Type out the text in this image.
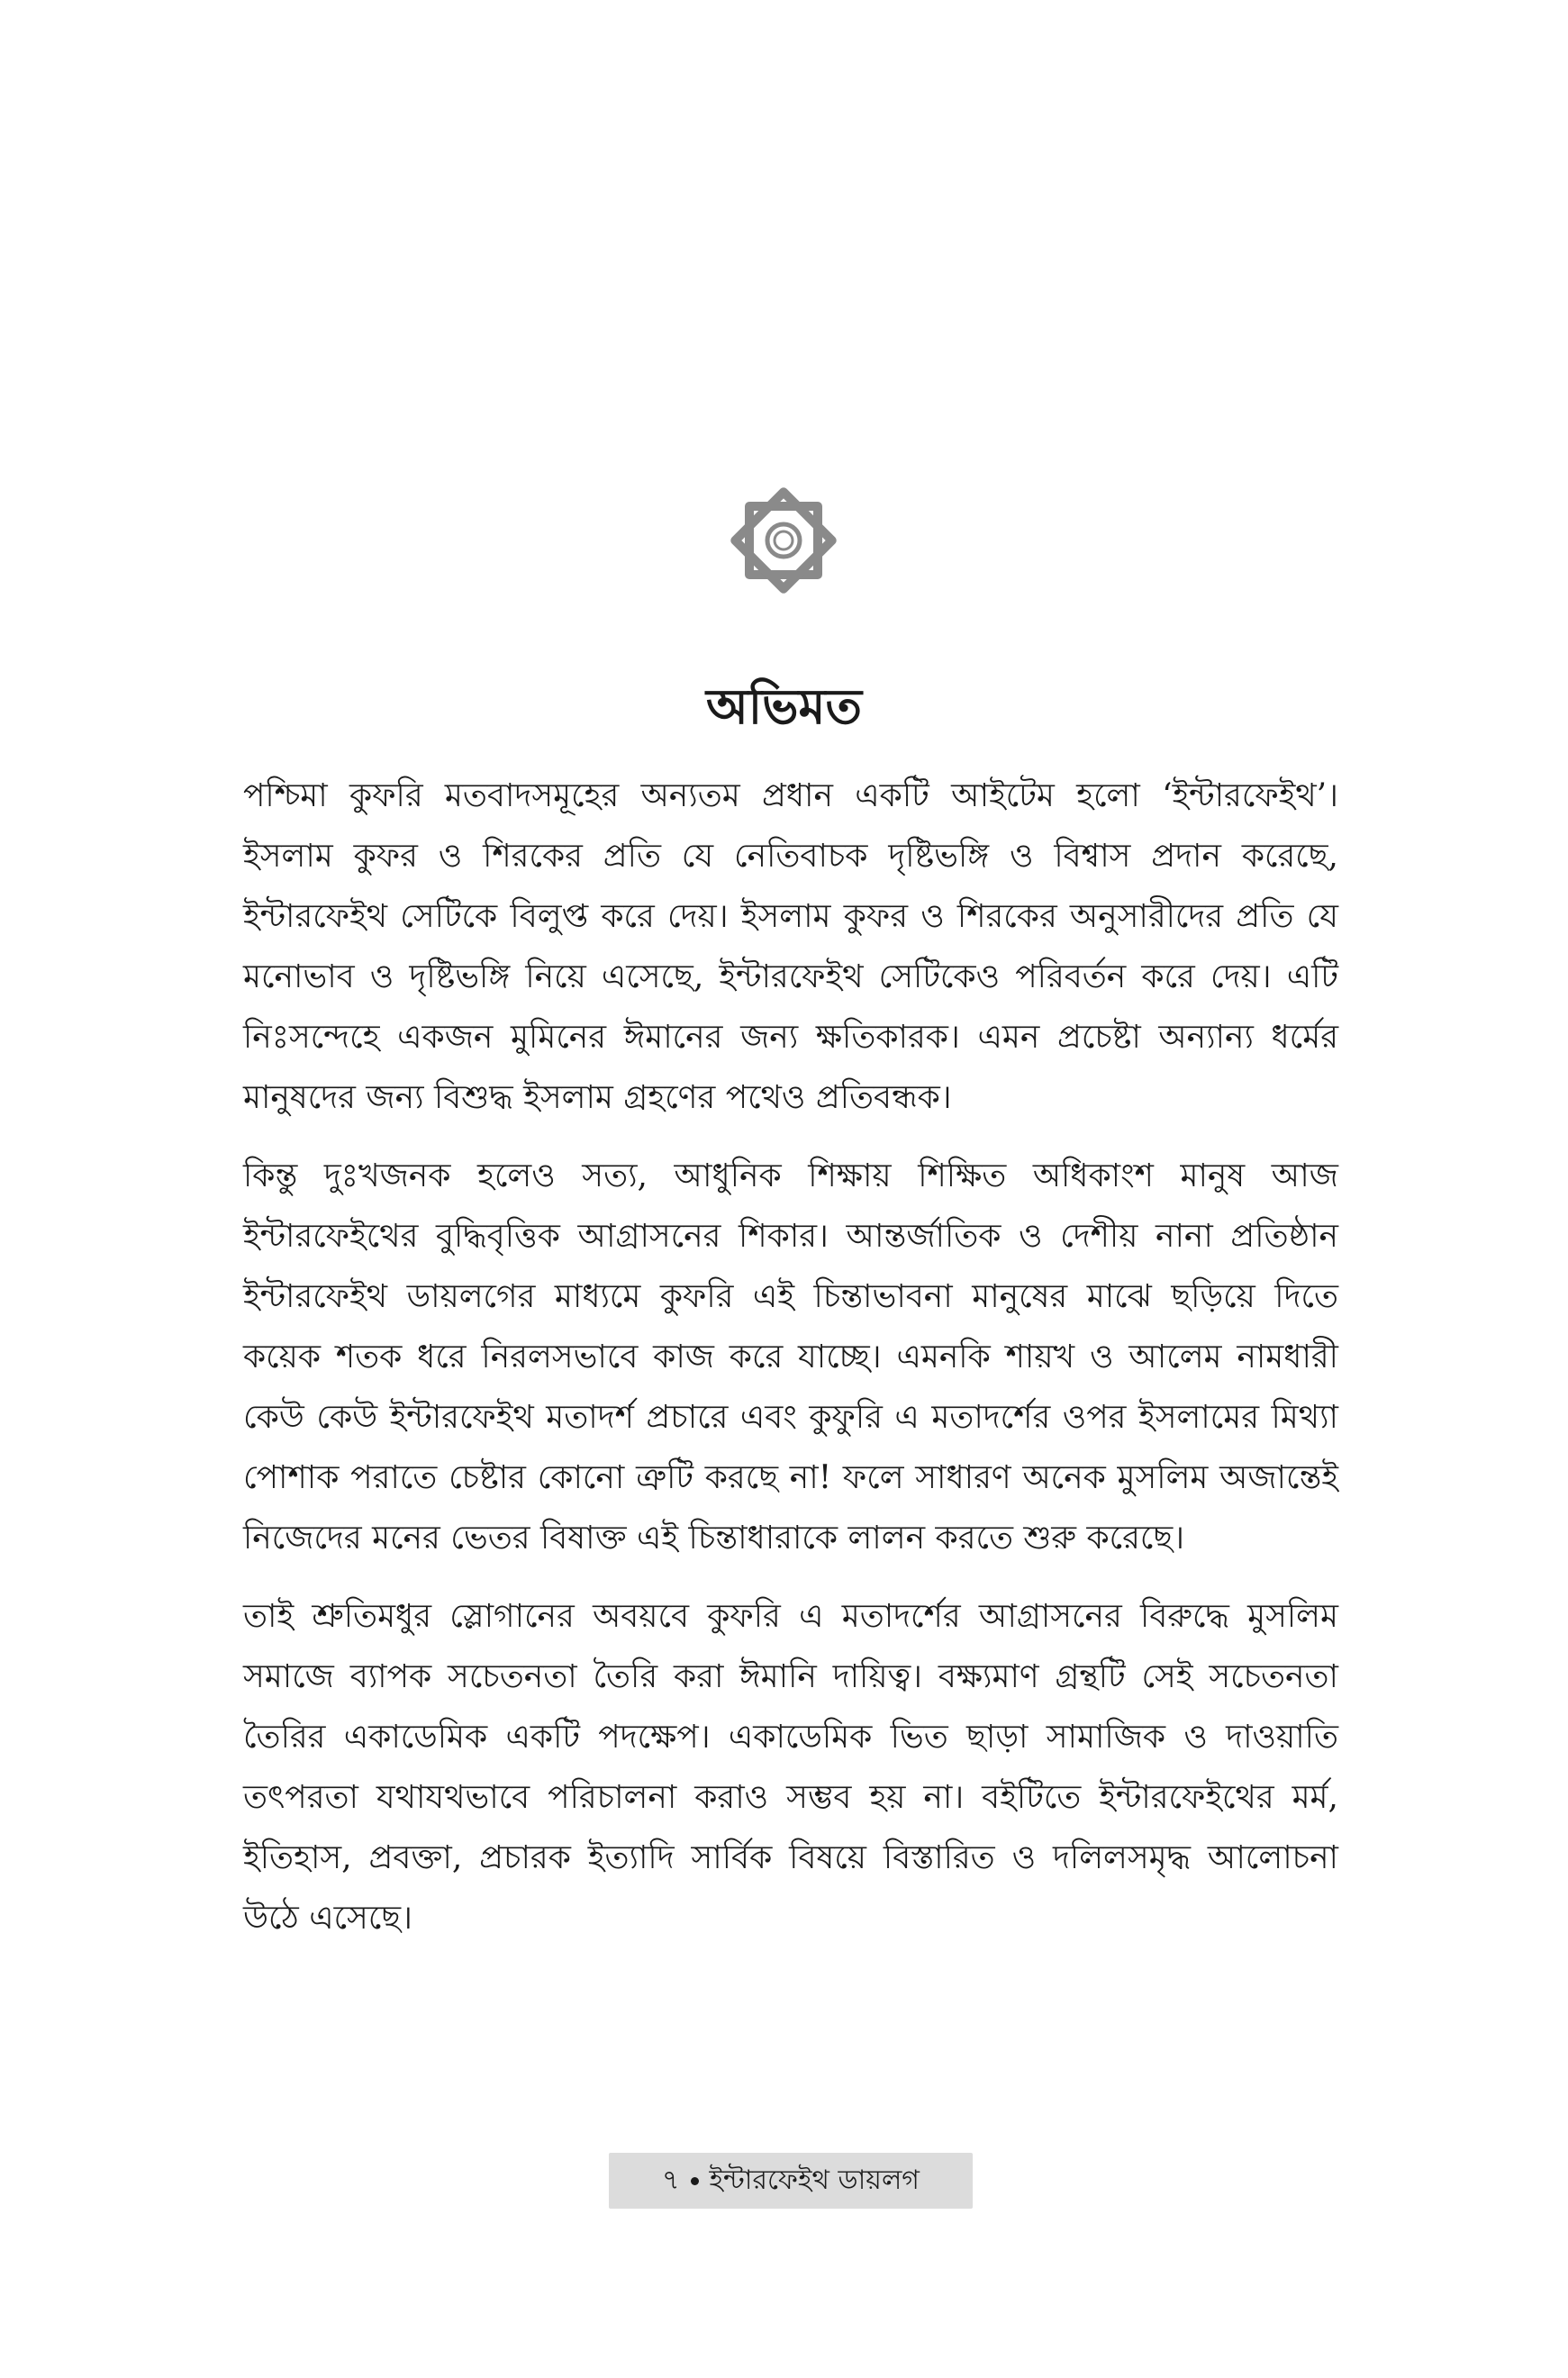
অভিমত

পশ্চিমা কুফরি মতবাদসমূহের অন্যতম প্রধান একটি আইটেম হলো ‘ইন্টারফেইথ’। ইসলাম কুফর ও শিরকের প্রতি যে নেতিবাচক দৃষ্টিভঙ্গি ও বিশ্বাস প্রদান করেছে, ইন্টারফেইথ সেটিকে বিলুপ্ত করে দেয়। ইসলাম কুফর ও শিরকের অনুসারীদের প্রতি যে মনোভাব ও দৃষ্টিভঙ্গি নিয়ে এসেছে, ইন্টারফেইথ সেটিকেও পরিবর্তন করে দেয়। এটি নিঃসন্দেহে একজন মুমিনের ঈমানের জন্য ক্ষতিকারক। এমন প্রচেষ্টা অন্যান্য ধর্মের মানুষদের জন্য বিশুদ্ধ ইসলাম গ্রহণের পথেও প্রতিবন্ধক।

কিন্তু দুঃখজনক হলেও সত্য, আধুনিক শিক্ষায় শিক্ষিত অধিকাংশ মানুষ আজ ইন্টারফেইথের বুদ্ধিবৃত্তিক আগ্রাসনের শিকার। আন্তর্জাতিক ও দেশীয় নানা প্রতিষ্ঠান ইন্টারফেইথ ডায়লগের মাধ্যমে কুফরি এই চিন্তাভাবনা মানুষের মাঝে ছড়িয়ে দিতে কয়েক শতক ধরে নিরলসভাবে কাজ করে যাচ্ছে। এমনকি শায়খ ও আলেম নামধারী কেউ কেউ ইন্টারফেইথ মতাদর্শ প্রচারে এবং কুফুরি এ মতাদর্শের ওপর ইসলামের মিথ্যা পোশাক পরাতে চেষ্টার কোনো ত্রুটি করছে না! ফলে সাধারণ অনেক মুসলিম অজান্তেই নিজেদের মনের ভেতর বিষাক্ত এই চিন্তাধারাকে লালন করতে শুরু করেছে।

তাই শ্রুতিমধুর স্লোগানের অবয়বে কুফরি এ মতাদর্শের আগ্রাসনের বিরুদ্ধে মুসলিম সমাজে ব্যাপক সচেতনতা তৈরি করা ঈমানি দায়িত্ব। বক্ষ্যমাণ গ্রন্থটি সেই সচেতনতা তৈরির একাডেমিক একটি পদক্ষেপ। একাডেমিক ভিত ছাড়া সামাজিক ও দাওয়াতি তৎপরতা যথাযথভাবে পরিচালনা করাও সম্ভব হয় না। বইটিতে ইন্টারফেইথের মর্ম, ইতিহাস, প্রবক্তা, প্রচারক ইত্যাদি সার্বিক বিষয়ে বিস্তারিত ও দলিলসমৃদ্ধ আলোচনা উঠে এসেছে।

৭ ইন্টারফেইথ ডায়লগ
